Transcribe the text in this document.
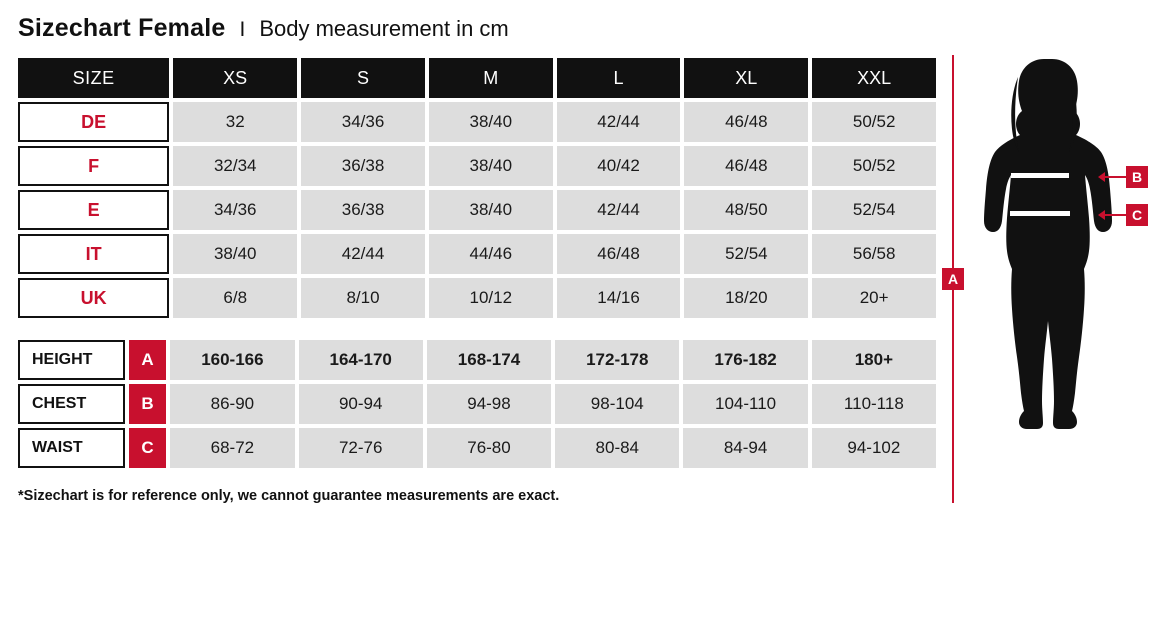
Sizechart Female I Body measurement in cm
SIZE	XS	S	M	L	XL	XXL
DE	32	34/36	38/40	42/44	46/48	50/52
F	32/34	36/38	38/40	40/42	46/48	50/52
E	34/36	36/38	38/40	42/44	48/50	52/54
IT	38/40	42/44	44/46	46/48	52/54	56/58
UK	6/8	8/10	10/12	14/16	18/20	20+
HEIGHT	A	160-166	164-170	168-174	172-178	176-182	180+
CHEST	B	86-90	90-94	94-98	98-104	104-110	110-118
WAIST	C	68-72	72-76	76-80	80-84	84-94	94-102
*Sizechart is for reference only, we cannot guarantee measurements are exact.
A
B
C
